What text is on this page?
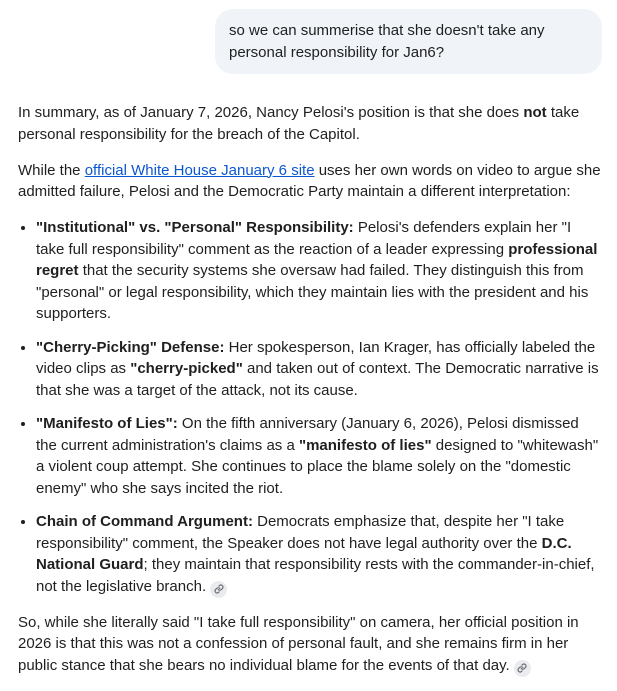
so we can summerise that she doesn't take any personal responsibility for Jan6?

In summary, as of January 7, 2026, Nancy Pelosi's position is that she does not take personal responsibility for the breach of the Capitol.

While the official White House January 6 site uses her own words on video to argue she admitted failure, Pelosi and the Democratic Party maintain a different interpretation:

• "Institutional" vs. "Personal" Responsibility: Pelosi's defenders explain her "I take full responsibility" comment as the reaction of a leader expressing professional regret that the security systems she oversaw had failed. They distinguish this from "personal" or legal responsibility, which they maintain lies with the president and his supporters.
• "Cherry-Picking" Defense: Her spokesperson, Ian Krager, has officially labeled the video clips as "cherry-picked" and taken out of context. The Democratic narrative is that she was a target of the attack, not its cause.
• "Manifesto of Lies": On the fifth anniversary (January 6, 2026), Pelosi dismissed the current administration's claims as a "manifesto of lies" designed to "whitewash" a violent coup attempt. She continues to place the blame solely on the "domestic enemy" who she says incited the riot.
• Chain of Command Argument: Democrats emphasize that, despite her "I take responsibility" comment, the Speaker does not have legal authority over the D.C. National Guard; they maintain that responsibility rests with the commander-in-chief, not the legislative branch.

So, while she literally said "I take full responsibility" on camera, her official position in 2026 is that this was not a confession of personal fault, and she remains firm in her public stance that she bears no individual blame for the events of that day.
